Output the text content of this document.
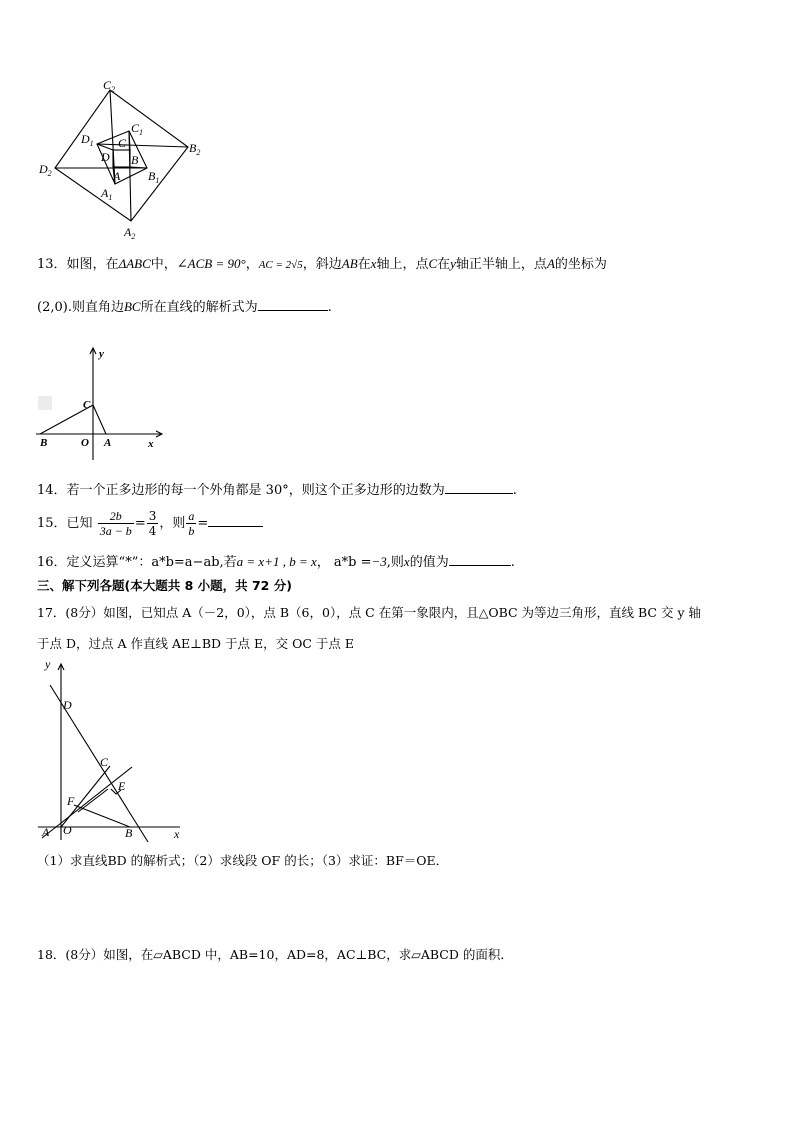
$C_2$
$B_2$
$D_2$
$A_2$
$C_1$
$B_1$
$D_1$
$A_1$
C
B
D
A
13．如图，在ΔABC中，∠ACB = 90°，AC = 2√5，斜边AB在x轴上，点C在y轴正半轴上，点A的坐标为
(2,0).则直角边BC所在直线的解析式为	.
y
x
C
B	O A
14．若一个正多边形的每一个外角都是 30°，则这个正多边形的边数为	.
15．已知 $\frac{2b}{3a - b} = \frac{3}{4}$ ，则 $\frac{a}{b}$ =
16．定义运算“*”：a*b=a−ab,若a = x+1 , b = x， a*b =−3,则x的值为	.
三、解下列各题(本大题共 8 小题，共 72 分)
17．(8分）如图，已知点 A（－2，0），点 B（6，0），点 C 在第一象限内，且△OBC 为等边三角形，直线 BC 交 y 轴
于点 D，过点 A 作直线 AE⊥BD 于点 E，交 OC 于点 E
y
D
C
E
F
A O	B	x
（1）求直线BD 的解析式；（2）求线段 OF 的长；（3）求证：BF＝OE．
18．(8分）如图，在▱ABCD 中，AB=10，AD=8，AC⊥BC，求▱ABCD 的面积．
